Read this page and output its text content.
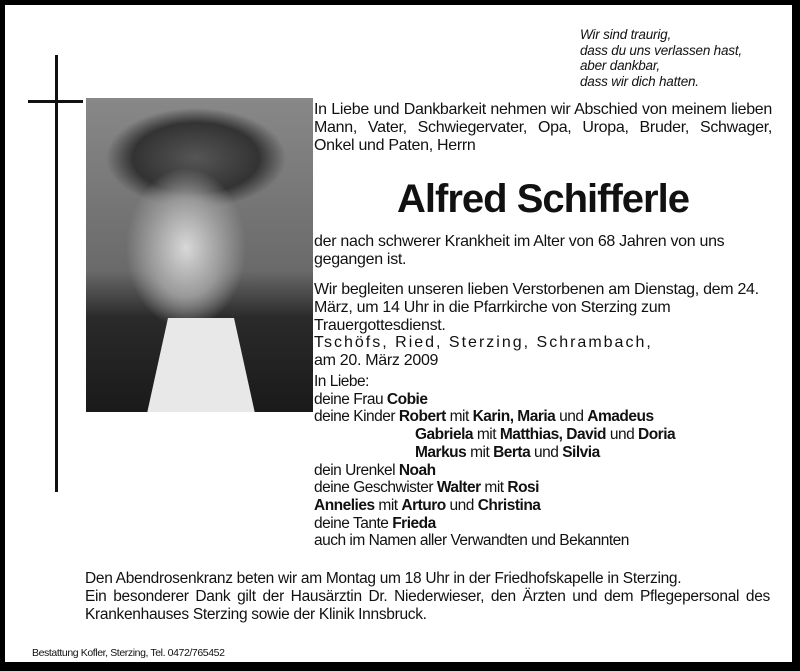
Wir sind traurig,
dass du uns verlassen hast,
aber dankbar,
dass wir dich hatten.
In Liebe und Dankbarkeit nehmen wir Abschied von meinem lieben Mann, Vater, Schwiegervater, Opa, Uropa, Bruder, Schwager, Onkel und Paten, Herrn
Alfred Schifferle
der nach schwerer Krankheit im Alter von 68 Jahren von uns gegangen ist.
Wir begleiten unseren lieben Verstorbenen am Dienstag, dem 24. März, um 14 Uhr in die Pfarrkirche von Sterzing zum Trauergottesdienst.
Tschöfs, Ried, Sterzing, Schrambach,
am 20. März 2009
In Liebe:
deine Frau Cobie
deine Kinder Robert mit Karin, Maria und Amadeus
Gabriela mit Matthias, David und Doria
Markus mit Berta und Silvia
dein Urenkel Noah
deine Geschwister Walter mit Rosi
Annelies mit Arturo und Christina
deine Tante Frieda
auch im Namen aller Verwandten und Bekannten

Den Abendrosenkranz beten wir am Montag um 18 Uhr in der Friedhofskapelle in Sterzing.

Ein besonderer Dank gilt der Hausärztin Dr. Niederwieser, den Ärzten und dem Pflegepersonal des Krankenhauses Sterzing sowie der Klinik Innsbruck.

Bestattung Kofler, Sterzing, Tel. 0472/765452
